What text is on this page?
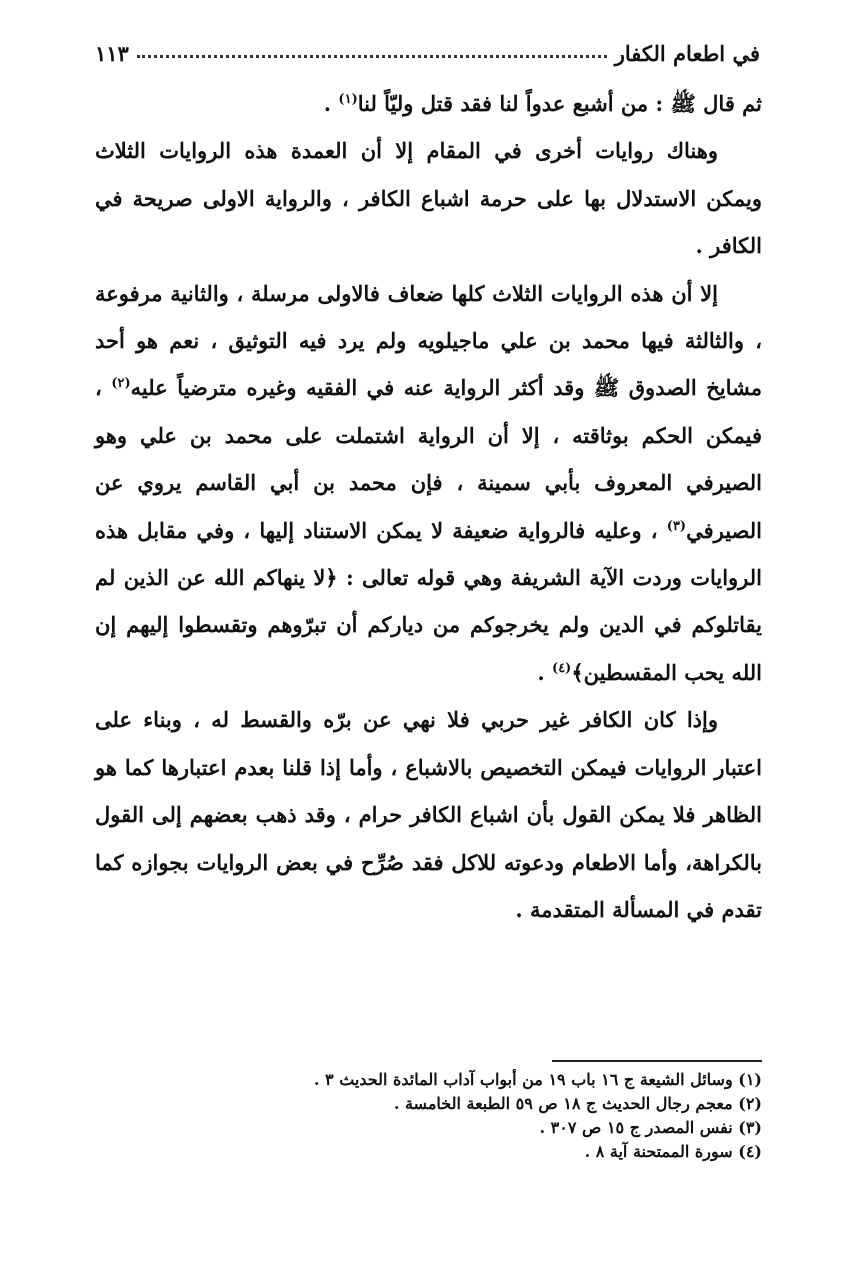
في اطعام الكفار
١١٣

ثم قال ﷺ : من أشبع عدواً لنا فقد قتل وليّاً لنا$^{(١)}$ .

وهناك روايات أخرى في المقام إلا أن العمدة هذه الروايات الثلاث ويمكن الاستدلال بها على حرمة اشباع الكافر ، والرواية الاولى صريحة في الكافر .

إلا أن هذه الروايات الثلاث كلها ضعاف فالاولى مرسلة ، والثانية مرفوعة ، والثالثة فيها محمد بن علي ماجيلويه ولم يرد فيه التوثيق ، نعم هو أحد مشايخ الصدوق ﷺ وقد أكثر الرواية عنه في الفقيه وغيره مترضياً عليه$^{(٢)}$ ، فيمكن الحكم بوثاقته ، إلا أن الرواية اشتملت على محمد بن علي وهو الصيرفي المعروف بأبي سمينة ، فإن محمد بن أبي القاسم يروي عن الصيرفي$^{(٣)}$ ، وعليه فالرواية ضعيفة لا يمكن الاستناد إليها ، وفي مقابل هذه الروايات وردت الآية الشريفة وهي قوله تعالى : ﴿لا ينهاكم الله عن الذين لم يقاتلوكم في الدين ولم يخرجوكم من دياركم أن تبرّوهم وتقسطوا إليهم إن الله يحب المقسطين﴾$^{(٤)}$ .

وإذا كان الكافر غير حربي فلا نهي عن برّه والقسط له ، وبناء على اعتبار الروايات فيمكن التخصيص بالاشباع ، وأما إذا قلنا بعدم اعتبارها كما هو الظاهر فلا يمكن القول بأن اشباع الكافر حرام ، وقد ذهب بعضهم إلى القول بالكراهة، وأما الاطعام ودعوته للاكل فقد صُرِّح في بعض الروايات بجوازه كما تقدم في المسألة المتقدمة .

(١) وسائل الشيعة ج ١٦ باب ١٩ من أبواب آداب المائدة الحديث ٣ .
(٢) معجم رجال الحديث ج ١٨ ص ٥٩ الطبعة الخامسة .
(٣) نفس المصدر ج ١٥ ص ٣٠٧ .
(٤) سورة الممتحنة آية ٨ .
